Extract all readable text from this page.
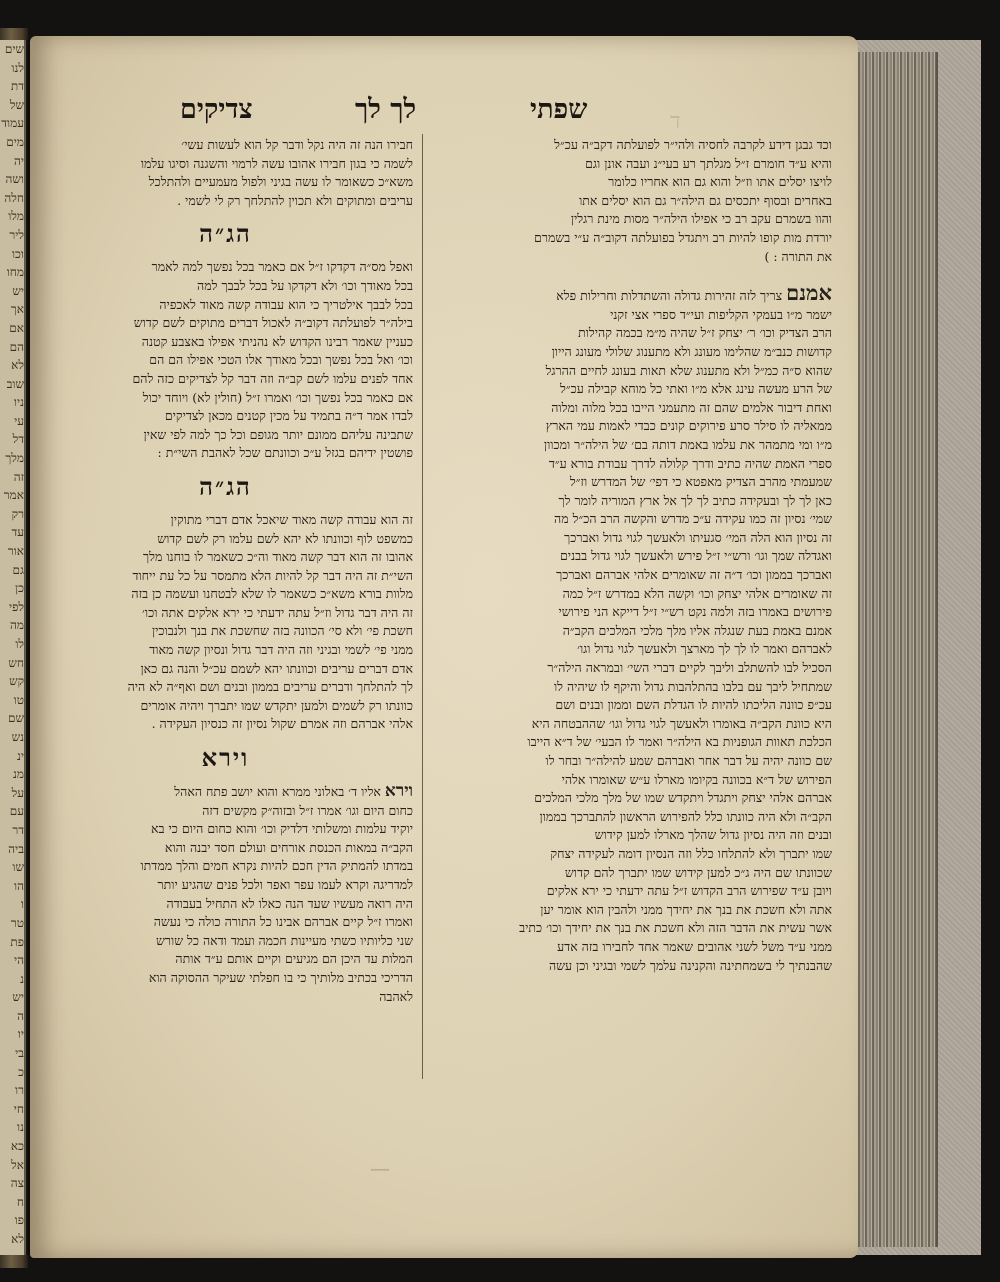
שים
לנו
דת
של
עמוד
מים
יה
ושה
חלה
מלו
ליר
וכו
מחו
יש
אך
אם
הם
לא
שוב
ניו
עי
דל
מלך
זה
אמר
רק
עד
אור
גם
כן
לפי
מה
לו
חש
קש
טו
שם
נש
ינ
מנ
על
עם
דר
ביה
שו
הו
ו
טר
פת
הי
נ
יש
ה
יו
בי
כ
רו
חי
נו
כא
אל
צה
ח
פו
לא
צדיקים	לך לך	שפתי	ד
וכד גבגן דידע לקרבה לחסיה ולהי״ר לפועלתה דקב״ה עכ״ל
והיא ע״ד חומרם ז״ל מגלתך רע בעי״נ ועבה אונן וגם
לויצו יסלים אתו וז״ל והוא גם הוא אחריו כלומר
באחרים ובסוף יתכסים גם הילה״ר גם הוא יסלים אתו
והוו בשמרם עקב רב כי אפילו הילה״ר מסות מינת רגלין
יורדת מות קופו להיות רב ויתגדל בפועלתה דקוב״ה ע״י בשמרם
את התורה : )
אמנם צריך לזה זהירות גדולה והשתדלות וחרילות פלא
ישמר מ״ו בעמקי הקליפות ועי״ד ספרי אצי זקני
הרב הצדיק וכו׳ ר׳ יצחק ז״ל שהיה מ״מ בכמה קהילות
קדושות כנב״מ שהלימו מעונג ולא מתענוג שלולי מעונג הייון
שהוא ס״ה כמ״ל ולא מתענוג שלא תאות בעונג לחיים ההרגל
של הרע מעשה עינג אלא מ״ו ואתי כל מוחא קבילה עכ״ל
ואחת דיבור אלמים שהם זה מתעמני הייבו בכל מלוה ומלוה
ממאליה לו סילר סרע פירוקים קונים כבדי לאמות עמי הארץ
מ״ו ומי מתמהר את עלמו באמת דותה בם׳ של הילה״ר ומכוון
ספרי האמת שהיה כתיב ודרך קלולה לדרך עבודת בורא ע״ד
שמעמתי מהרב הצדיק מאפטא כי דפי׳ של המדרש וז״ל
כאן לך לך ובעקידה כתיב לך לך אל ארץ המוריה לומר לך
שמי׳ נסיון זה כמו עקידה ע״כ מדרש והקשה הרב הכ״ל מה
זה נסיון הוא הלה המי׳ סגעיתו ולאעשך לגוי גדול ואברכך
ואגדלה שמך וגו׳ ורש״י ז״ל פירש ולאעשך לגוי גדול בבנים
ואברכך בממון וכו׳ ד״ה זה שאומרים אלהי אברהם ואברכך
זה שאומרים אלהי יצחק וכו׳ וקשה הלא במדרש ז״ל כמה
פירושים באמרו בזה ולמה נקט רש״י ז״ל דייקא הני פירושי
אמנם באמת בעת שנגלה אליו מלך מלכי המלכים הקב״ה
לאברהם ואמר לו לך לך מארצך ולאעשך לגוי גדול וגו׳
הסכיל לבו להשתלב וליבך לקיים דברי השי׳ ובמראה הילה״ר
שמתחיל ליבך עם בלבו בהתלהבות גדול והיקף לו שיהיה לו
עכ״פ כוונה הליכתו להיות לו הגדלת השם וממון ובנים ושם
היא כוונת הקב״ה באומרו ולאעשך לגוי גדול וגו׳ שההבטחה היא
הכלכת תאוות הגופניות בא הילה״ר ואמר לו הבעי׳ של ד״א הייבו
שם כוונה יהיה על דבר אחר ואברהם שמע להילה״ר ובחר לו
הפירוש של ד״א בכוונה בקיומו מארלו ע״ש שאומרו אלהי
אברהם אלהי יצחק ויתגדל ויתקדש שמו של מלך מלכי המלכים
הקב״ה ולא היה כוונתו כלל להפירוש הראשון להתברכך בממון
ובנים וזה היה נסיון גדול שהלך מארלו למען קידוש
שמו יתברך ולא להתלחו כלל וזה הנסיון דומה לעקידה יצחק
שכוונתו שם היה ג״כ למען קידוש שמו יתברך להם קדוש
ויובן ע״ד שפירוש הרב הקדוש ז״ל עתה ידעתי כי ירא אלקים
אתה ולא חשכת את בנך את יחידך ממני ולהבין הוא אומר יען
אשר עשית את הדבר הזה ולא חשכת את בנך את יחידך וכו׳ כתיב
ממני ע״ד משל לשני אהובים שאמר אחד לחבירו בזה אדע
שהבנתיך לי בשמחתינה והקנינה עלמך לשמי ובגיני וכן עשה
חבירו הנה זה היה נקל ודבר קל הוא לעשות עשי׳
לשמה כי בגון חבירו אהובו עשה לרמוי והשגנה וסיגו עלמו
משא״כ כשאומר לו עשה בגיני ולפול מעמעיים ולהתלכל
עריבים ומתוקים ולא תכוין להתלחך רק לי לשמי .
הג״ה
ואפל מס״ה דקדקו ז״ל אם כאמר בכל נפשך למה לאמר
בכל מאודך וכו׳ ולא דקדקו על בכל לבבך למה
בכל לבבך אילטריך כי הוא עבודה קשה מאוד לאכפיה
בילה״ר לפועלתה דקוב״ה לאכול דברים מתוקים לשם קדוש
כעניין שאמר רבינו הקדוש לא נהניתי אפילו באצבע קטנה
וכו׳ ואל בכל נפשך ובכל מאודך אלו הטכי אפילו הם הם
אחד לפנים עלמו לשם קב״ה וזה דבר קל לצדיקים כזה להם
אם כאמר בכל נפשך וכו׳ ואמרו ז״ל (חולין לא) ויוחד יכול
לבדו אמר ד״ה בתמיד על מכין קטנים מכאן לצדיקים
שתבינה עליהם ממונם יותר מגופם וכל כך למה לפי שאין
פושטין ידיהם בגזל ע״כ וכוונתם שכל לאהבת השי״ת :
הג״ה
זה הוא עבודה קשה מאוד שיאכל אדם דברי מתוקין
כמשפט לוף וכוונתו לא יהא לשם עלמו רק לשם קדוש
אהובו זה הוא דבר קשה מאוד וה״כ כשאמר לו בוחנו מלך
השי״ת זה היה דבר קל להיות הלא מתמסר על כל עת ייחוד
מלוות בורא משא״כ כשאמר לו שלא לבטחנו ועשמה כן בזה
זה היה דבר גדול וז״ל עתה ידעתי כי ירא אלקים אתה וכו׳
חשכת פי׳ ולא סי׳ הכוונה בזה שחשכת את בנך ולנבוכין
ממני פי׳ לשמי ובגיני וזה היה דבר גדול ונסיון קשה מאוד
אדם דברים עריבים וכוונתו יהא לשמם עכ״ל והנה גם כאן
לך להתלחך ודברים עריבים בממון ובנים ושם ואף״ה לא היה
כוונתו רק לשמים ולמען יתקדש שמו יתברך ויהיה אומרים
אלהי אברהם וזה אמרם שקול נסיון זה כנסיון העקידה .
וירא
וירא אליו ד׳ באלוני ממרא והוא יושב פתח האהל
כחום היום וגו׳ אמרו ז״ל ובזוה״ק מקשים דזה
יוקיד עלמות ומשלותי דלדיק וכו׳ והוא כחום היום כי בא
הקב״ה במאות הכנסת אורחים ועולם חסד יבנה והוא
במדתו להמתיק הדין חכם להיות נקרא חמים והלך ממדתו
למדריגה וקרא לעמו עפר ואפר ולכל פנים שהגיע יותר
היה רואה מעשיו שעד הנה כאלו לא התחיל בעבודה
ואמרו ז״ל קיים אברהם אבינו כל התורה כולה כי נעשה
שני כליותיו כשתי מעיינות חכמה ועמד ודאה כל שורש
המלות עד היכן הם מגיעים וקיים אותם ע״ד אותה
הדריכי בכתיב מלותיך כי בו חפלתי שעיקר ההסוקה הוא
לאהבה
—
